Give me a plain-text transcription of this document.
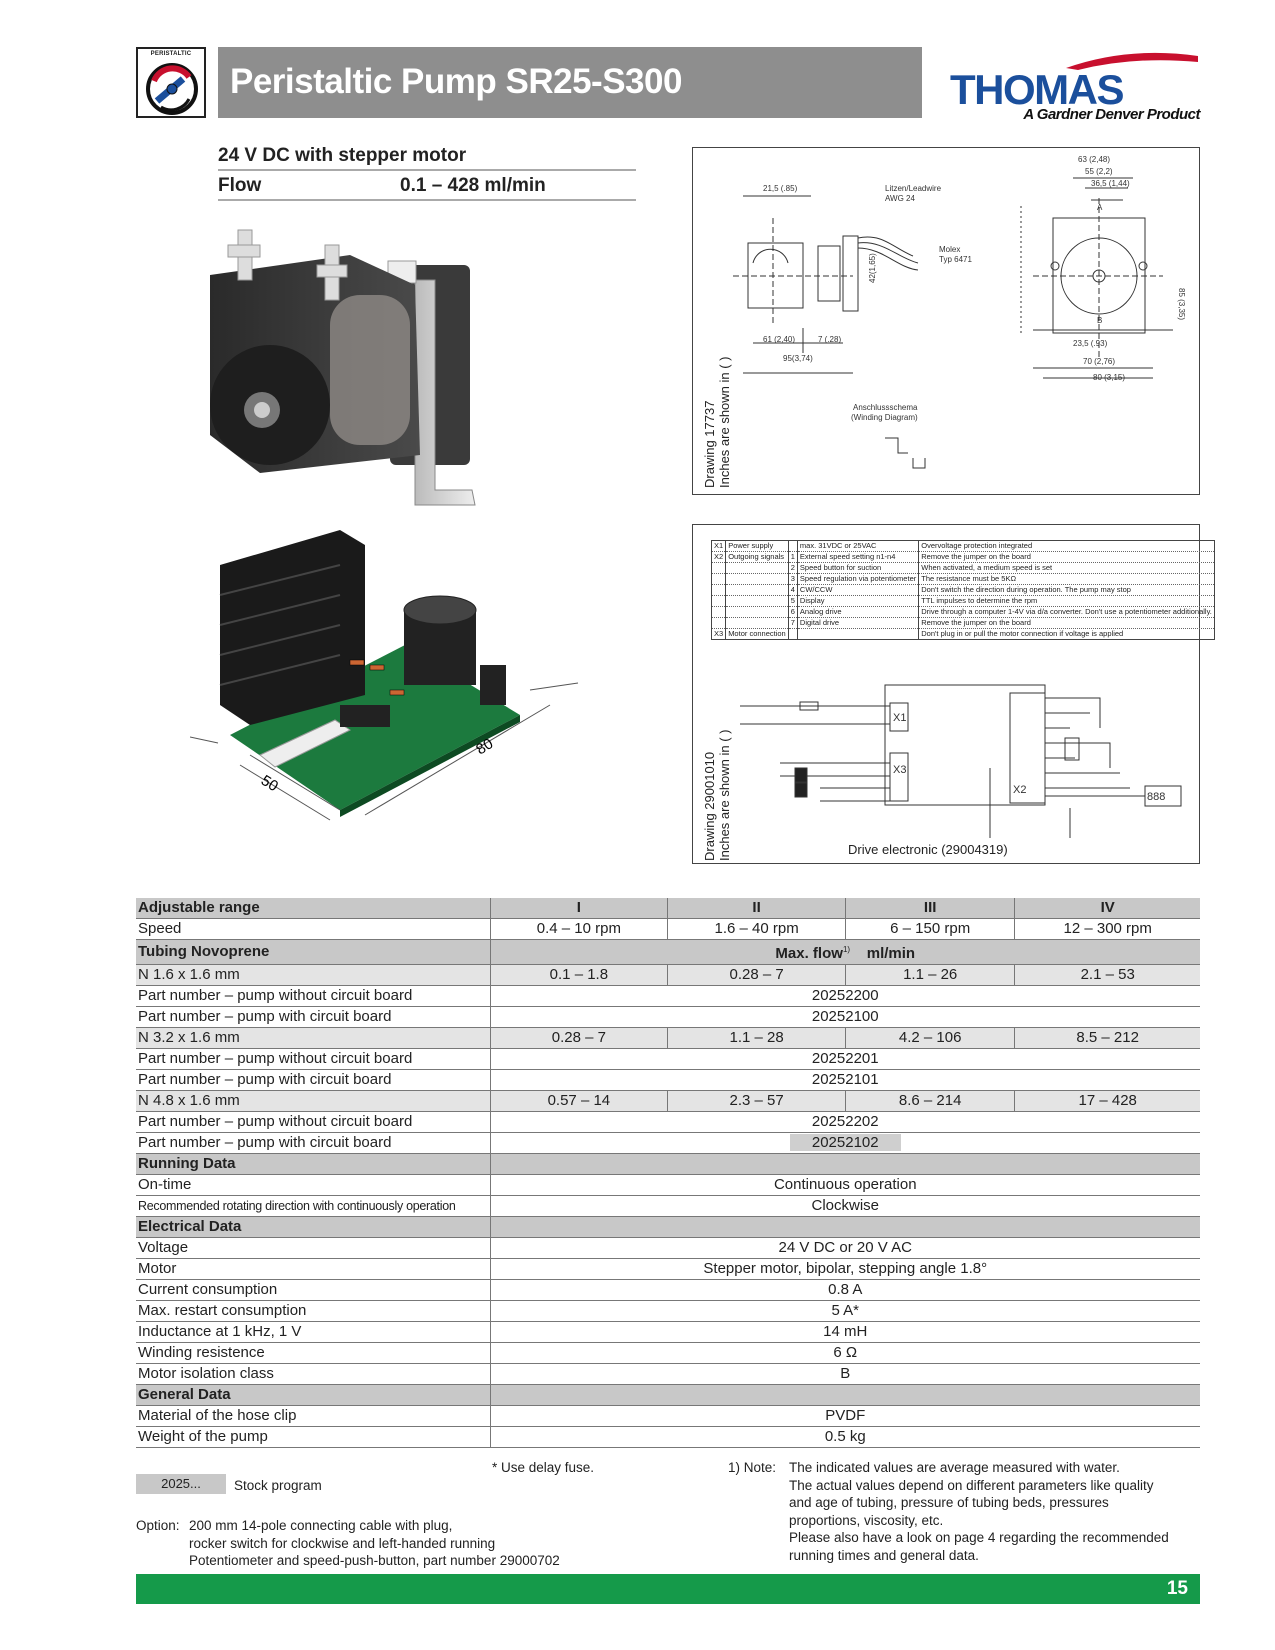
PERISTALTIC
Peristaltic Pump SR25-S300	THOMAS
A Gardner Denver Product
24 V DC with stepper motor
Flow	0.1 – 428 ml/min
50
80
Drawing 17737 Inches are shown in ( )
21,5 (.85)	Litzen/Leadwire
AWG 24
Molex
Typ 6471
61 (2,40)	7 (.28)
95(3,74)
42(1,65)
63 (2,48)
55 (2,2)
36,5 (1,44)
A
B
23,5 (.93)
70 (2,76)
80 (3,15)
85 (3,35)
Anschlussschema
(Winding Diagram)
Drawing 29001010 Inches are shown in ( )
X1	Power supply		max. 31VDC or 25VAC	Overvoltage protection integrated
X2	Outgoing signals	1	External speed setting n1-n4	Remove the jumper on the board
		2	Speed button for suction	When activated, a medium speed is set
		3	Speed regulation via potentiometer	The resistance must be 5KΩ
		4	CW/CCW	Don't switch the direction during operation. The pump may stop
		5	Display	TTL impulses to determine the rpm
		6	Analog drive	Drive through a computer 1-4V via d/a converter. Don't use a potentiometer additionally.
		7	Digital drive	Remove the jumper on the board
X3	Motor connection			Don't plug in or pull the motor connection if voltage is applied
X1
X3
X2
888
Drive electronic (29004319)
Adjustable range	I	II	III	IV
Speed	0.4 – 10 rpm	1.6 – 40 rpm	6 – 150 rpm	12 – 300 rpm
Tubing Novoprene	Max. flow$^{1)}$ ml/min			
N 1.6 x 1.6 mm	0.1 – 1.8	0.28 – 7	1.1 – 26	2.1 – 53
Part number – pump without circuit board	20252200			
Part number – pump with circuit board	20252100			
N 3.2 x 1.6 mm	0.28 – 7	1.1 – 28	4.2 – 106	8.5 – 212
Part number – pump without circuit board	20252201			
Part number – pump with circuit board	20252101			
N 4.8 x 1.6 mm	0.57 – 14	2.3 – 57	8.6 – 214	17 – 428
Part number – pump without circuit board	20252202			
Part number – pump with circuit board	20252102			
Running Data				
On-time	Continuous operation			
Recommended rotating direction with continuously operation	Clockwise			
Electrical Data				
Voltage	24 V DC or 20 V AC			
Motor	Stepper motor, bipolar, stepping angle 1.8°			
Current consumption	0.8 A			
Max. restart consumption	5 A*			
Inductance at 1 kHz, 1 V	14 mH			
Winding resistence	6 Ω			
Motor isolation class	B			
General Data				
Material of the hose clip	PVDF			
Weight of the pump	0.5 kg			
* Use delay fuse.
2025...	Stock program
Option: 200 mm 14-pole connecting cable with plug,
rocker switch for clockwise and left-handed running
Potentiometer and speed-push-button, part number 29000702
1) Note: The indicated values are average measured with water.
The actual values depend on different parameters like quality
and age of tubing, pressure of tubing beds, pressures
proportions, viscosity, etc.
Please also have a look on page 4 regarding the recommended
running times and general data.
15
